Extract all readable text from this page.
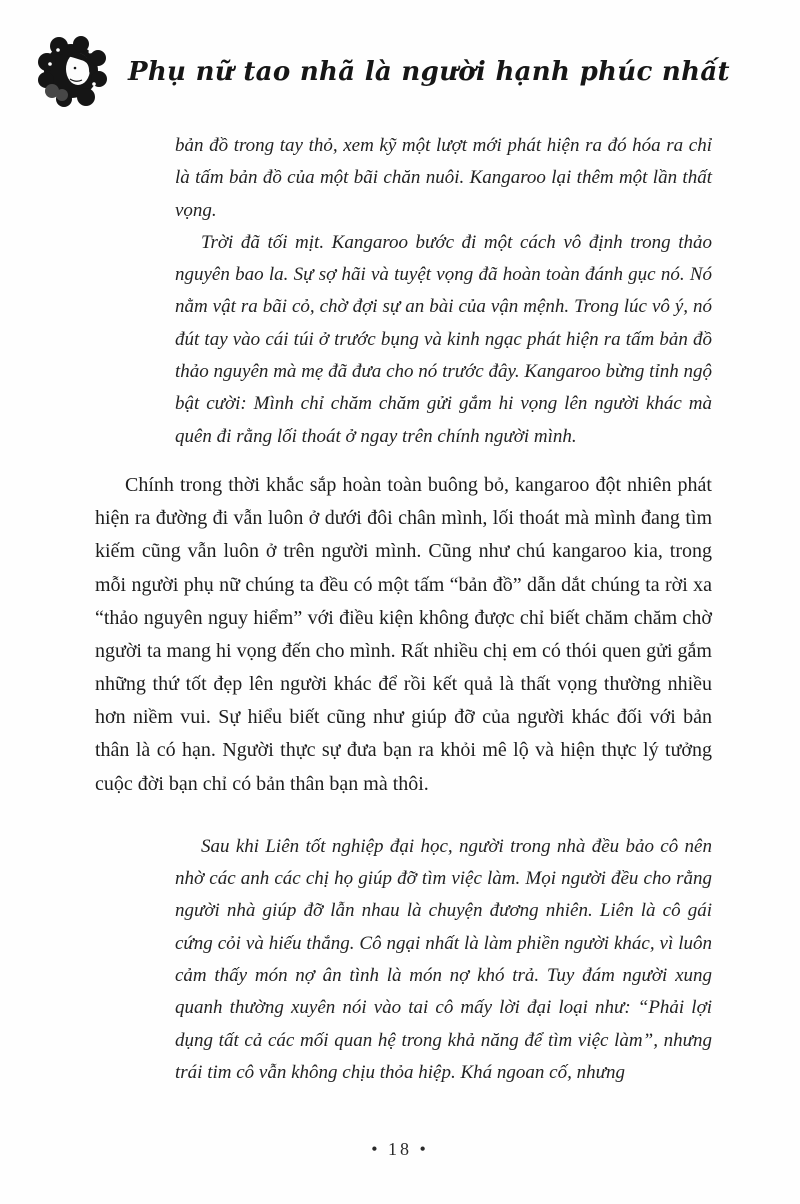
Phụ nữ tao nhã là người hạnh phúc nhất

bản đồ trong tay thỏ, xem kỹ một lượt mới phát hiện ra đó hóa ra chỉ là tấm bản đồ của một bãi chăn nuôi. Kangaroo lại thêm một lần thất vọng.

Trời đã tối mịt. Kangaroo bước đi một cách vô định trong thảo nguyên bao la. Sự sợ hãi và tuyệt vọng đã hoàn toàn đánh gục nó. Nó nằm vật ra bãi cỏ, chờ đợi sự an bài của vận mệnh. Trong lúc vô ý, nó đút tay vào cái túi ở trước bụng và kinh ngạc phát hiện ra tấm bản đồ thảo nguyên mà mẹ đã đưa cho nó trước đây. Kangaroo bừng tỉnh ngộ bật cười: Mình chỉ chăm chăm gửi gắm hi vọng lên người khác mà quên đi rằng lối thoát ở ngay trên chính người mình.

Chính trong thời khắc sắp hoàn toàn buông bỏ, kangaroo đột nhiên phát hiện ra đường đi vẫn luôn ở dưới đôi chân mình, lối thoát mà mình đang tìm kiếm cũng vẫn luôn ở trên người mình. Cũng như chú kangaroo kia, trong mỗi người phụ nữ chúng ta đều có một tấm “bản đồ” dẫn dắt chúng ta rời xa “thảo nguyên nguy hiểm” với điều kiện không được chỉ biết chăm chăm chờ người ta mang hi vọng đến cho mình. Rất nhiều chị em có thói quen gửi gắm những thứ tốt đẹp lên người khác để rồi kết quả là thất vọng thường nhiều hơn niềm vui. Sự hiểu biết cũng như giúp đỡ của người khác đối với bản thân là có hạn. Người thực sự đưa bạn ra khỏi mê lộ và hiện thực lý tưởng cuộc đời bạn chỉ có bản thân bạn mà thôi.

Sau khi Liên tốt nghiệp đại học, người trong nhà đều bảo cô nên nhờ các anh các chị họ giúp đỡ tìm việc làm. Mọi người đều cho rằng người nhà giúp đỡ lẫn nhau là chuyện đương nhiên. Liên là cô gái cứng cỏi và hiếu thắng. Cô ngại nhất là làm phiền người khác, vì luôn cảm thấy món nợ ân tình là món nợ khó trả. Tuy đám người xung quanh thường xuyên nói vào tai cô mấy lời đại loại như: “Phải lợi dụng tất cả các mối quan hệ trong khả năng để tìm việc làm”, nhưng trái tim cô vẫn không chịu thỏa hiệp. Khá ngoan cố, nhưng

• 18 •
